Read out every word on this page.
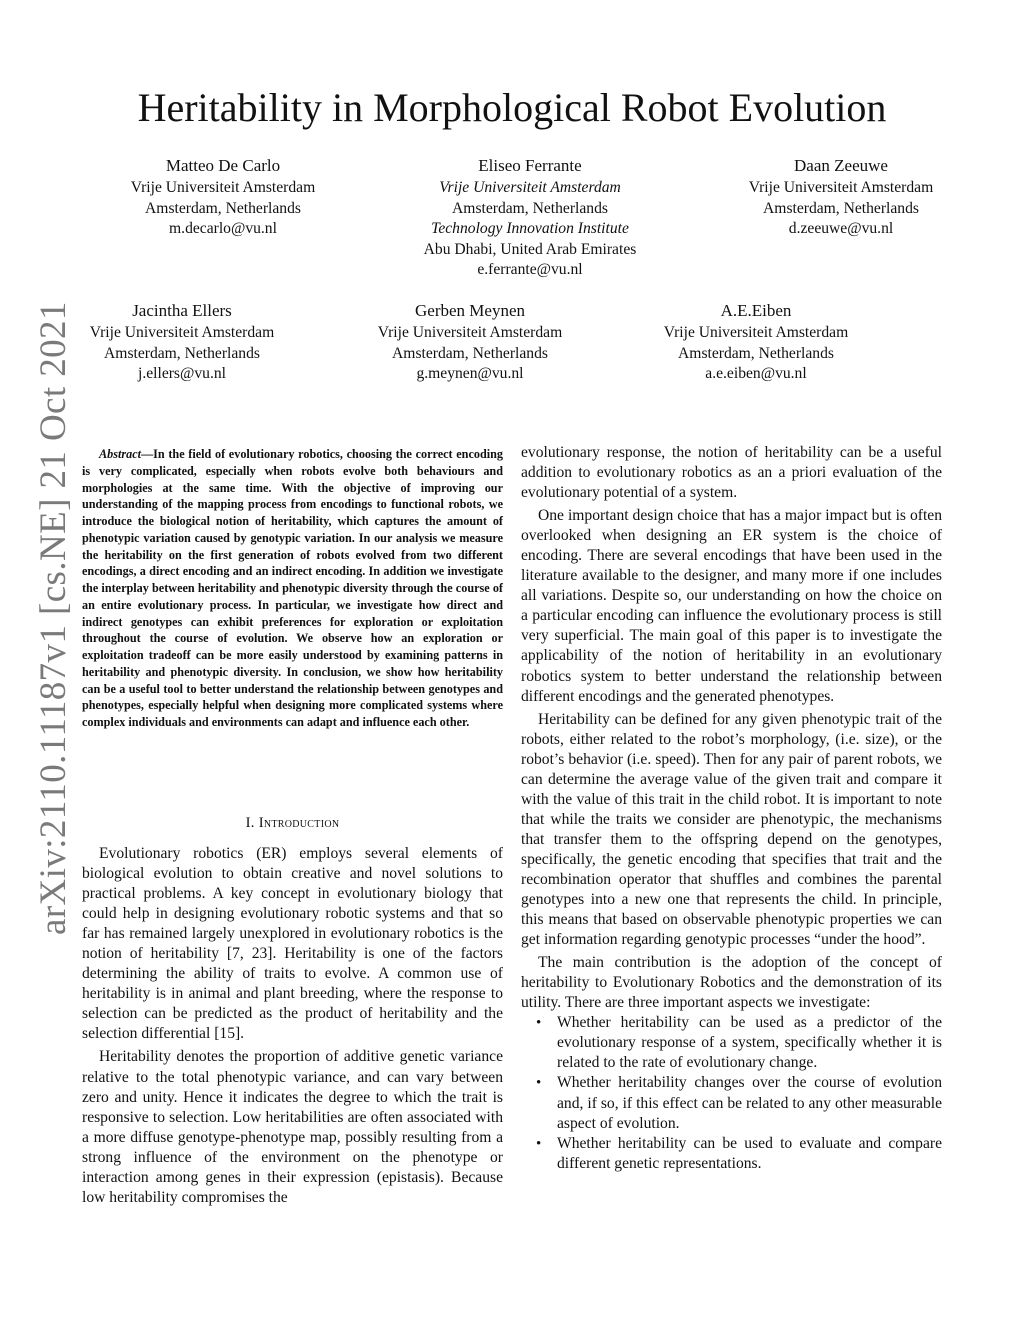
arXiv:2110.11187v1 [cs.NE] 21 Oct 2021
Heritability in Morphological Robot Evolution
Matteo De Carlo
Vrije Universiteit Amsterdam
Amsterdam, Netherlands
m.decarlo@vu.nl
Eliseo Ferrante
Vrije Universiteit Amsterdam
Amsterdam, Netherlands
Technology Innovation Institute
Abu Dhabi, United Arab Emirates
e.ferrante@vu.nl
Daan Zeeuwe
Vrije Universiteit Amsterdam
Amsterdam, Netherlands
d.zeeuwe@vu.nl
Jacintha Ellers
Vrije Universiteit Amsterdam
Amsterdam, Netherlands
j.ellers@vu.nl
Gerben Meynen
Vrije Universiteit Amsterdam
Amsterdam, Netherlands
g.meynen@vu.nl
A.E.Eiben
Vrije Universiteit Amsterdam
Amsterdam, Netherlands
a.e.eiben@vu.nl
Abstract—In the field of evolutionary robotics, choosing the correct encoding is very complicated, especially when robots evolve both behaviours and morphologies at the same time. With the objective of improving our understanding of the mapping process from encodings to functional robots, we introduce the biological notion of heritability, which captures the amount of phenotypic variation caused by genotypic variation. In our analysis we measure the heritability on the first generation of robots evolved from two different encodings, a direct encoding and an indirect encoding. In addition we investigate the interplay between heritability and phenotypic diversity through the course of an entire evolutionary process. In particular, we investigate how direct and indirect genotypes can exhibit preferences for exploration or exploitation throughout the course of evolution. We observe how an exploration or exploitation tradeoff can be more easily understood by examining patterns in heritability and phenotypic diversity. In conclusion, we show how heritability can be a useful tool to better understand the relationship between genotypes and phenotypes, especially helpful when designing more complicated systems where complex individuals and environments can adapt and influence each other.
I. Introduction

Evolutionary robotics (ER) employs several elements of biological evolution to obtain creative and novel solutions to practical problems. A key concept in evolutionary biology that could help in designing evolutionary robotic systems and that so far has remained largely unexplored in evolutionary robotics is the notion of heritability [7, 23]. Heritability is one of the factors determining the ability of traits to evolve. A common use of heritability is in animal and plant breeding, where the response to selection can be predicted as the product of heritability and the selection differential [15].

Heritability denotes the proportion of additive genetic variance relative to the total phenotypic variance, and can vary between zero and unity. Hence it indicates the degree to which the trait is responsive to selection. Low heritabilities are often associated with a more diffuse genotype-phenotype map, possibly resulting from a strong influence of the environment on the phenotype or interaction among genes in their expression (epistasis). Because low heritability compromises the

evolutionary response, the notion of heritability can be a useful addition to evolutionary robotics as an a priori evaluation of the evolutionary potential of a system.

One important design choice that has a major impact but is often overlooked when designing an ER system is the choice of encoding. There are several encodings that have been used in the literature available to the designer, and many more if one includes all variations. Despite so, our understanding on how the choice on a particular encoding can influence the evolutionary process is still very superficial. The main goal of this paper is to investigate the applicability of the notion of heritability in an evolutionary robotics system to better understand the relationship between different encodings and the generated phenotypes.

Heritability can be defined for any given phenotypic trait of the robots, either related to the robot’s morphology, (i.e. size), or the robot’s behavior (i.e. speed). Then for any pair of parent robots, we can determine the average value of the given trait and compare it with the value of this trait in the child robot. It is important to note that while the traits we consider are phenotypic, the mechanisms that transfer them to the offspring depend on the genotypes, specifically, the genetic encoding that specifies that trait and the recombination operator that shuffles and combines the parental genotypes into a new one that represents the child. In principle, this means that based on observable phenotypic properties we can get information regarding genotypic processes “under the hood”.

The main contribution is the adoption of the concept of heritability to Evolutionary Robotics and the demonstration of its utility. There are three important aspects we investigate:

• Whether heritability can be used as a predictor of the evolutionary response of a system, specifically whether it is related to the rate of evolutionary change.
• Whether heritability changes over the course of evolution and, if so, if this effect can be related to any other measurable aspect of evolution.
• Whether heritability can be used to evaluate and compare different genetic representations.
